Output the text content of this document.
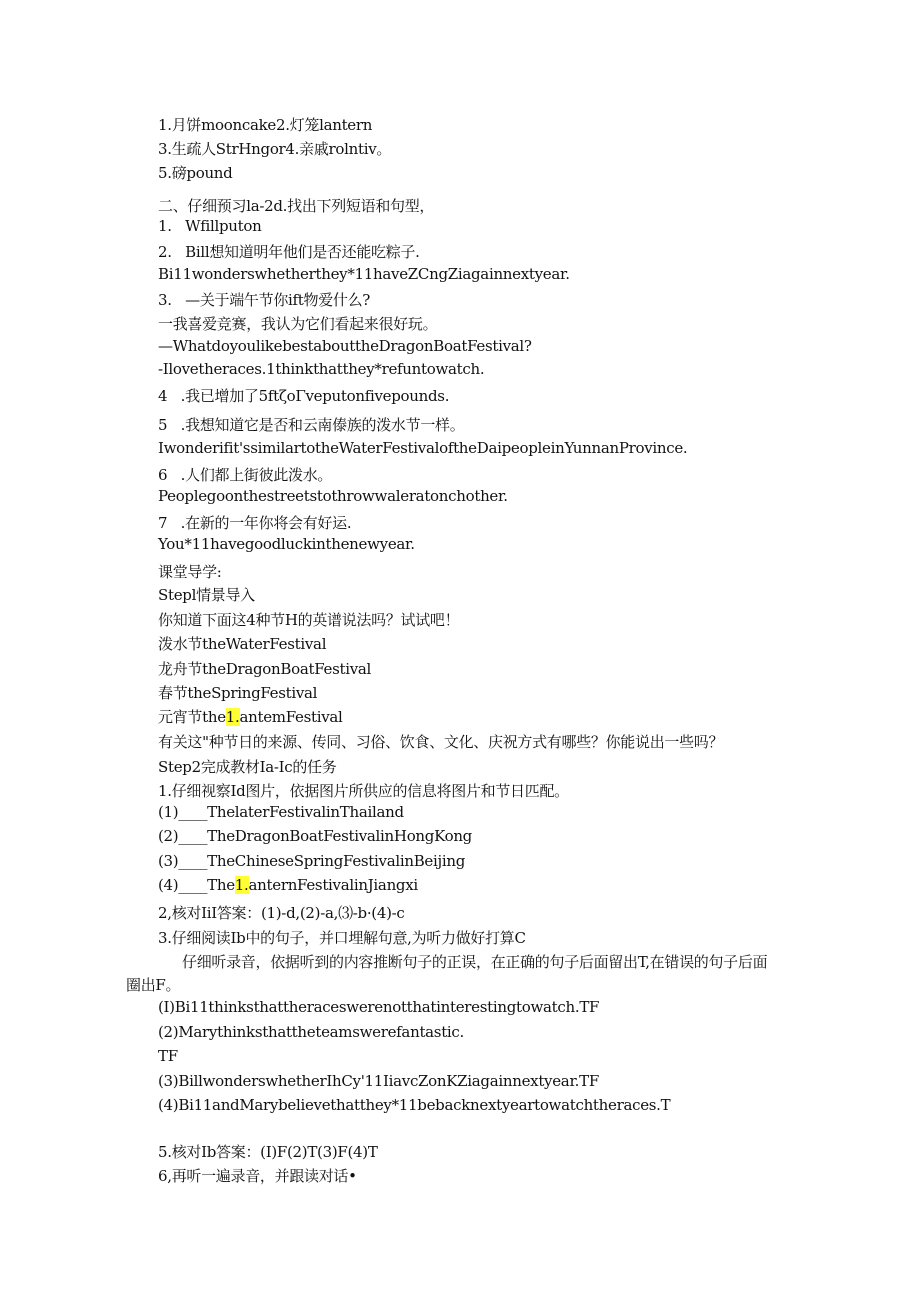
1.月饼mooncake2.灯笼lantern
3.生疏人StrHngor4.亲戚rolntiv。
5.磅pound
二、仔细预习la-2d.找出下列短语和句型，
1.   Wfillputon
2.   Bill想知道明年他们是否还能吃粽子.
Bi11wonderswhetherthey*11haveZCngZiagainnextyear.
3.   —关于端午节你ift物爱什么?
一我喜爱竞赛，我认为它们看起来很好玩。
—WhatdoyoulikebestabouttheDragonBoatFestival?
-Ilovetheraces.1thinkthatthey*refuntowatch.
4   .我已增加了5ftζoΓveputonfivepounds.
5   .我想知道它是否和云南傣族的泼水节一样。
Iwonderifit'ssimilartotheWaterFestivaloftheDaipeopleinYunnanProvince.
6   .人们都上街彼此泼水。
Peoplegoonthestreetstothrowwaleratonchother.
7   .在新的一年你将会有好运.
You*11havegoodluckinthenewyear.
课堂导学:
Stepl情景导入
你知道下面这4种节H的英谱说法吗？试试吧！
泼水节theWaterFestival
龙舟节theDragonBoatFestival
春节theSpringFestival
元宵节the1.antemFestival
有关这"种节日的来源、传同、习俗、饮食、文化、庆祝方式有哪些？你能说出一些吗？
Step2完成教材Ia-Ic的任务
1.仔细视察Id图片，依据图片所供应的信息将图片和节日匹配。
(1)____ThelaterFestivalinThailand
(2)____TheDragonBoatFestivalinHongKong
(3)____TheChineseSpringFestivalinBeijing
(4)____The1.anternFestivalinJiangxi
2,核对IiI答案：(1)-d,(2)-a,⑶-b·(4)-c
3.仔细阅读Ib中的句子，并口埋解句意,为听力做好打算C
仔细听录音，依据听到的内容推断句子的正误，在正确的句子后面留出T,在错误的句子后面
圈出F。
(I)Bi11thinksthattheraceswerenotthatinterestingtowatch.TF
(2)Marythinksthattheteamswerefantastic.
TF
(3)BillwonderswhetherIhCy'11IiavcZonKZiagainnextyear.TF
(4)Bi11andMarybelievethatthey*11bebacknextyeartowatchtheraces.T
5.核对Ib答案：(I)F(2)T(3)F(4)T
6,再听一遍录音，并跟读对话•
